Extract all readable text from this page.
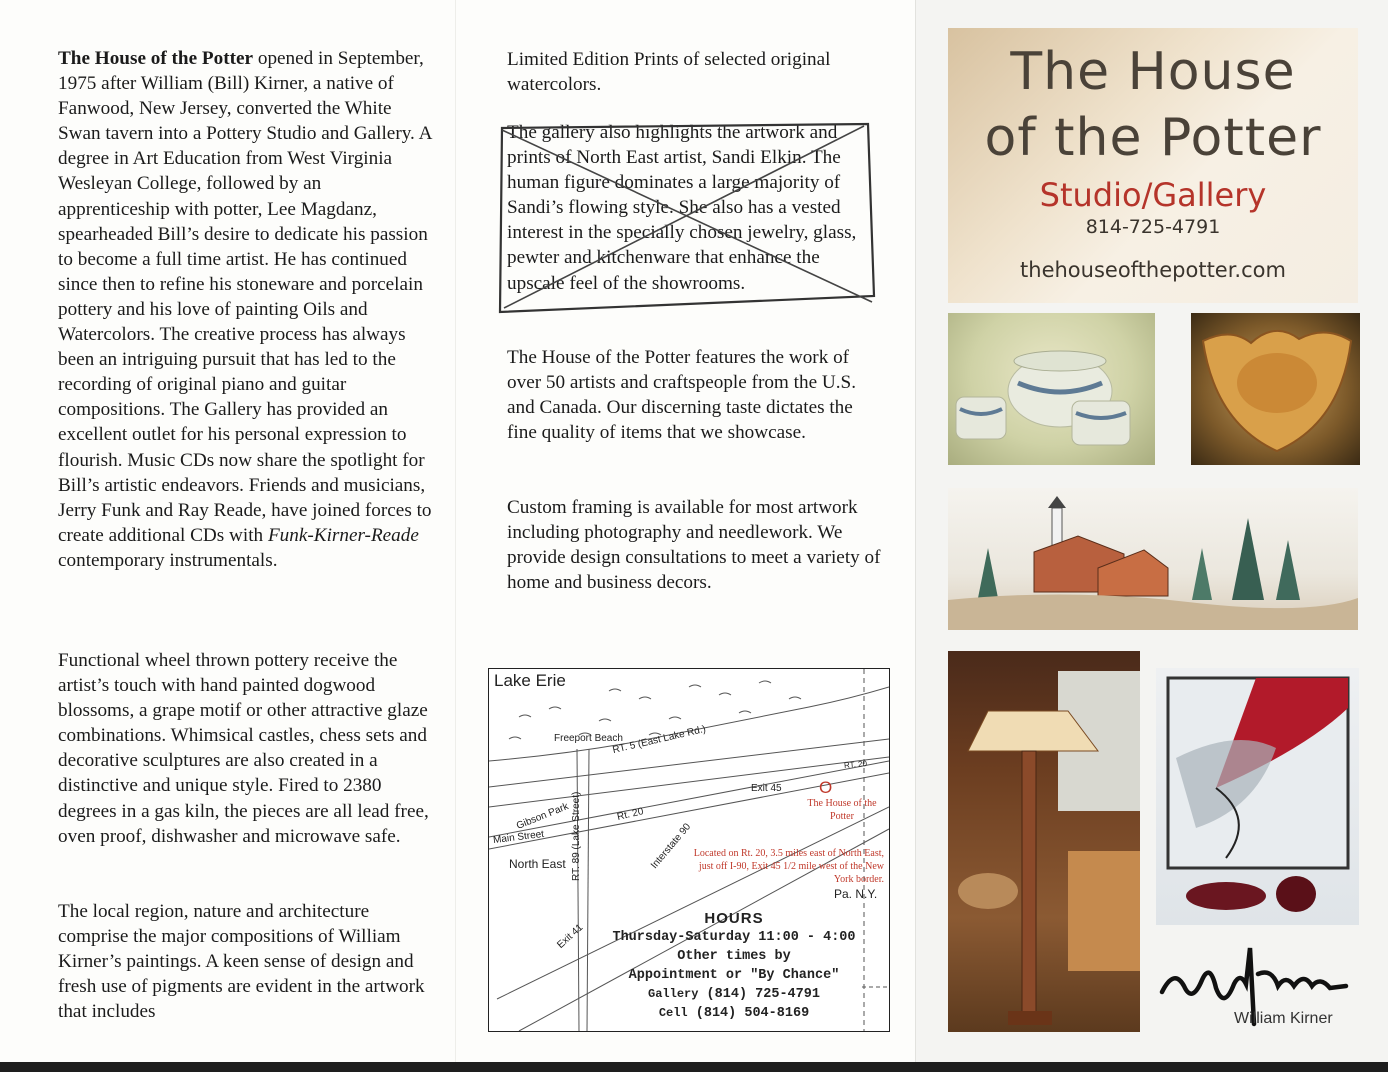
The House of the Potter opened in September, 1975 after William (Bill) Kirner, a native of Fanwood, New Jersey, converted the White Swan tavern into a Pottery Studio and Gallery. A degree in Art Education from West Virginia Wesleyan College, followed by an apprenticeship with potter, Lee Magdanz, spearheaded Bill’s desire to dedicate his passion to become a full time artist. He has continued since then to refine his stoneware and porcelain pottery and his love of painting Oils and Watercolors. The creative process has always been an intriguing pursuit that has led to the recording of original piano and guitar compositions. The Gallery has provided an excellent outlet for his personal expression to flourish. Music CDs now share the spotlight for Bill’s artistic endeavors. Friends and musicians, Jerry Funk and Ray Reade, have joined forces to create additional CDs with Funk-Kirner-Reade contemporary instrumentals.

Functional wheel thrown pottery receive the artist’s touch with hand painted dogwood blossoms, a grape motif or other attractive glaze combinations. Whimsical castles, chess sets and decorative sculptures are also created in a distinctive and unique style. Fired to 2380 degrees in a gas kiln, the pieces are all lead free, oven proof, dishwasher and microwave safe.

The local region, nature and architecture comprise the major compositions of William Kirner’s paintings. A keen sense of design and fresh use of pigments are evident in the artwork that includes

Limited Edition Prints of selected original watercolors.

The gallery also highlights the artwork and prints of North East artist, Sandi Elkin. The human figure dominates a large majority of Sandi’s flowing style. She also has a vested interest in the specially chosen jewelry, glass, pewter and kitchenware that enhance the upscale feel of the showrooms.

The House of the Potter features the work of over 50 artists and craftspeople from the U.S. and Canada. Our discerning taste dictates the fine quality of items that we showcase.

Custom framing is available for most artwork including photography and needlework. We provide design consultations to meet a variety of home and business decors.

Lake Erie
Freeport Beach
RT. 5 (East Lake Rd.)
Exit 45
Rt. 20
RT. 20
Gibson Park
Main Street
North East RT. 89 (Lake Street)	Interstate 90
Exit 41
O
The House of the Potter
Located on Rt. 20, 3.5 miles east of North East, just off I-90, Exit 45 1/2 mile west of the New York border.
Pa. N.Y.
HOURS
Thursday-Saturday 11:00 - 4:00
Other times by
Appointment or "By Chance"
Gallery (814) 725-4791
Cell (814) 504-8169
The House
of the Potter
Studio/Gallery
814-725-4791
thehouseofthepotter.com
William Kirner
